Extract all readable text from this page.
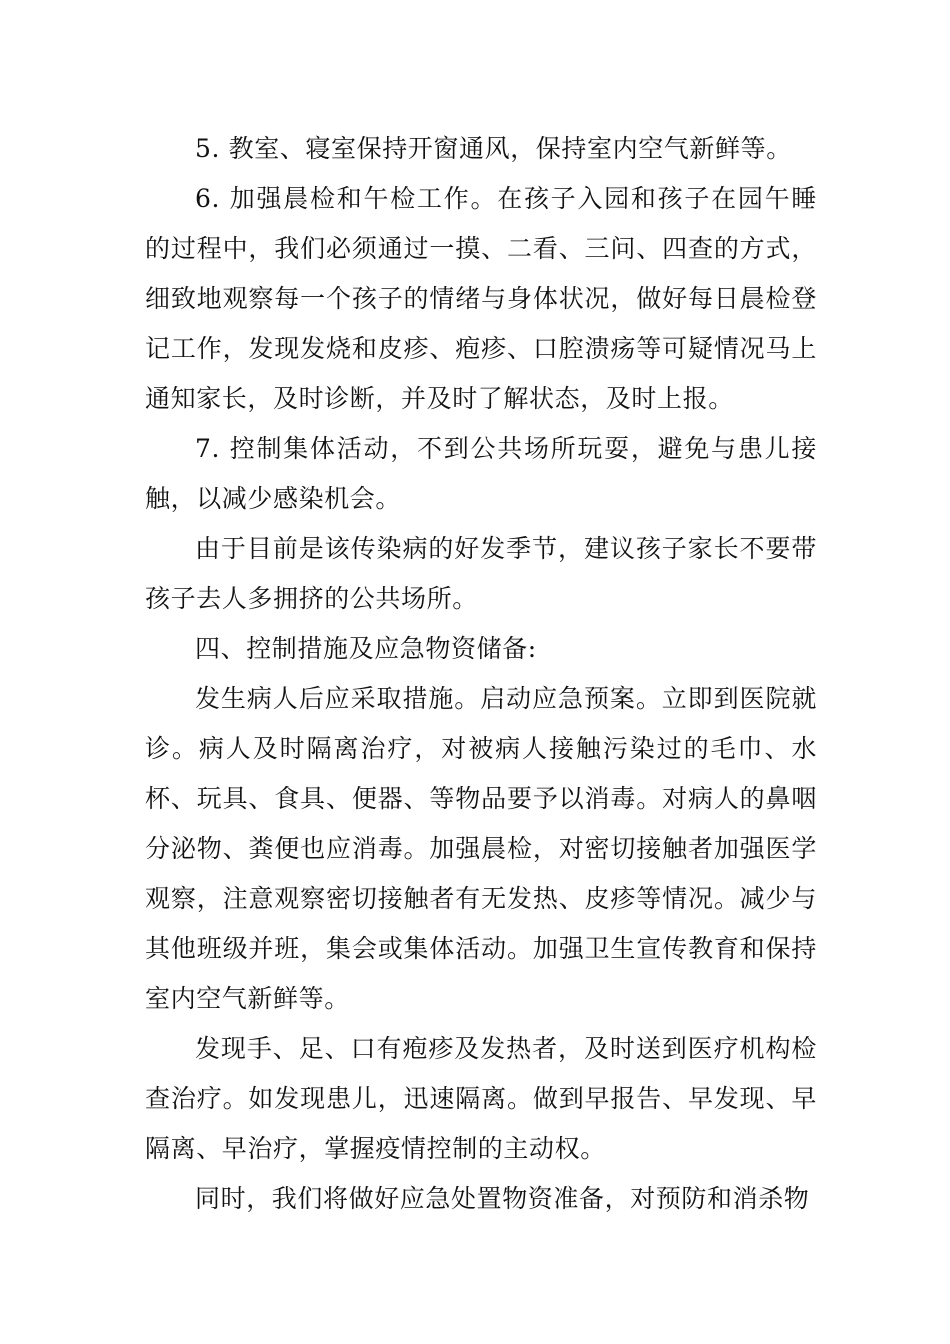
5. 教室、寝室保持开窗通风，保持室内空气新鲜等。

6. 加强晨检和午检工作。在孩子入园和孩子在园午睡的过程中，我们必须通过一摸、二看、三问、四查的方式，细致地观察每一个孩子的情绪与身体状况，做好每日晨检登记工作，发现发烧和皮疹、疱疹、口腔溃疡等可疑情况马上通知家长，及时诊断，并及时了解状态，及时上报。

7. 控制集体活动，不到公共场所玩耍，避免与患儿接触，以减少感染机会。

由于目前是该传染病的好发季节，建议孩子家长不要带孩子去人多拥挤的公共场所。

四、控制措施及应急物资储备:

发生病人后应采取措施。启动应急预案。立即到医院就诊。病人及时隔离治疗，对被病人接触污染过的毛巾、水杯、玩具、食具、便器、等物品要予以消毒。对病人的鼻咽分泌物、粪便也应消毒。加强晨检，对密切接触者加强医学观察，注意观察密切接触者有无发热、皮疹等情况。减少与其他班级并班，集会或集体活动。加强卫生宣传教育和保持室内空气新鲜等。

发现手、足、口有疱疹及发热者，及时送到医疗机构检查治疗。如发现患儿，迅速隔离。做到早报告、早发现、早隔离、早治疗，掌握疫情控制的主动权。

同时，我们将做好应急处置物资准备，对预防和消杀物
